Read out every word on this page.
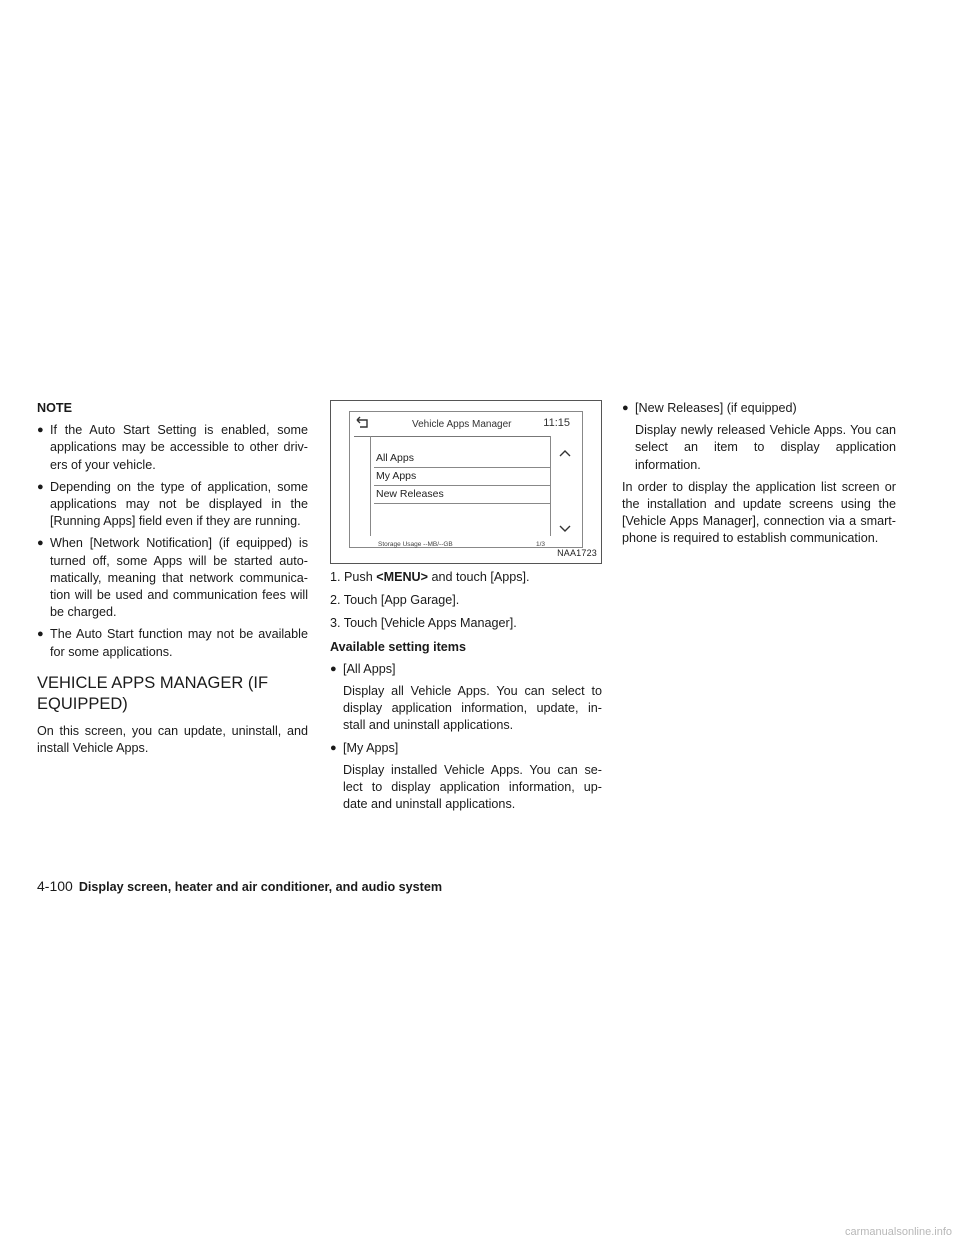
NOTE

● If the Auto Start Setting is enabled, some applications may be accessible to other driv- ers of your vehicle.
● Depending on the type of application, some applications may not be displayed in the [Running Apps] field even if they are running.
● When [Network Notification] (if equipped) is turned off, some Apps will be started auto- matically, meaning that network communica- tion will be used and communication fees will be charged.
● The Auto Start function may not be available for some applications.
VEHICLE APPS MANAGER (IF EQUIPPED)

On this screen, you can update, uninstall, and install Vehicle Apps.

Vehicle Apps Manager	11:15
All Apps
My Apps
New Releases
Storage Usage --MB/--GB	1/3
NAA1723

1. Push <MENU> and touch [Apps].

2. Touch [App Garage].

3. Touch [Vehicle Apps Manager].

Available setting items

● [All Apps]
Display all Vehicle Apps. You can select to display application information, update, in- stall and uninstall applications.
● [My Apps]
Display installed Vehicle Apps. You can se- lect to display application information, up- date and uninstall applications.
● [New Releases] (if equipped)
Display newly released Vehicle Apps. You can select an item to display application information.

In order to display the application list screen or the installation and update screens using the [Vehicle Apps Manager], connection via a smart- phone is required to establish communication.

4-100 Display screen, heater and air conditioner, and audio system
carmanualsonline.info
